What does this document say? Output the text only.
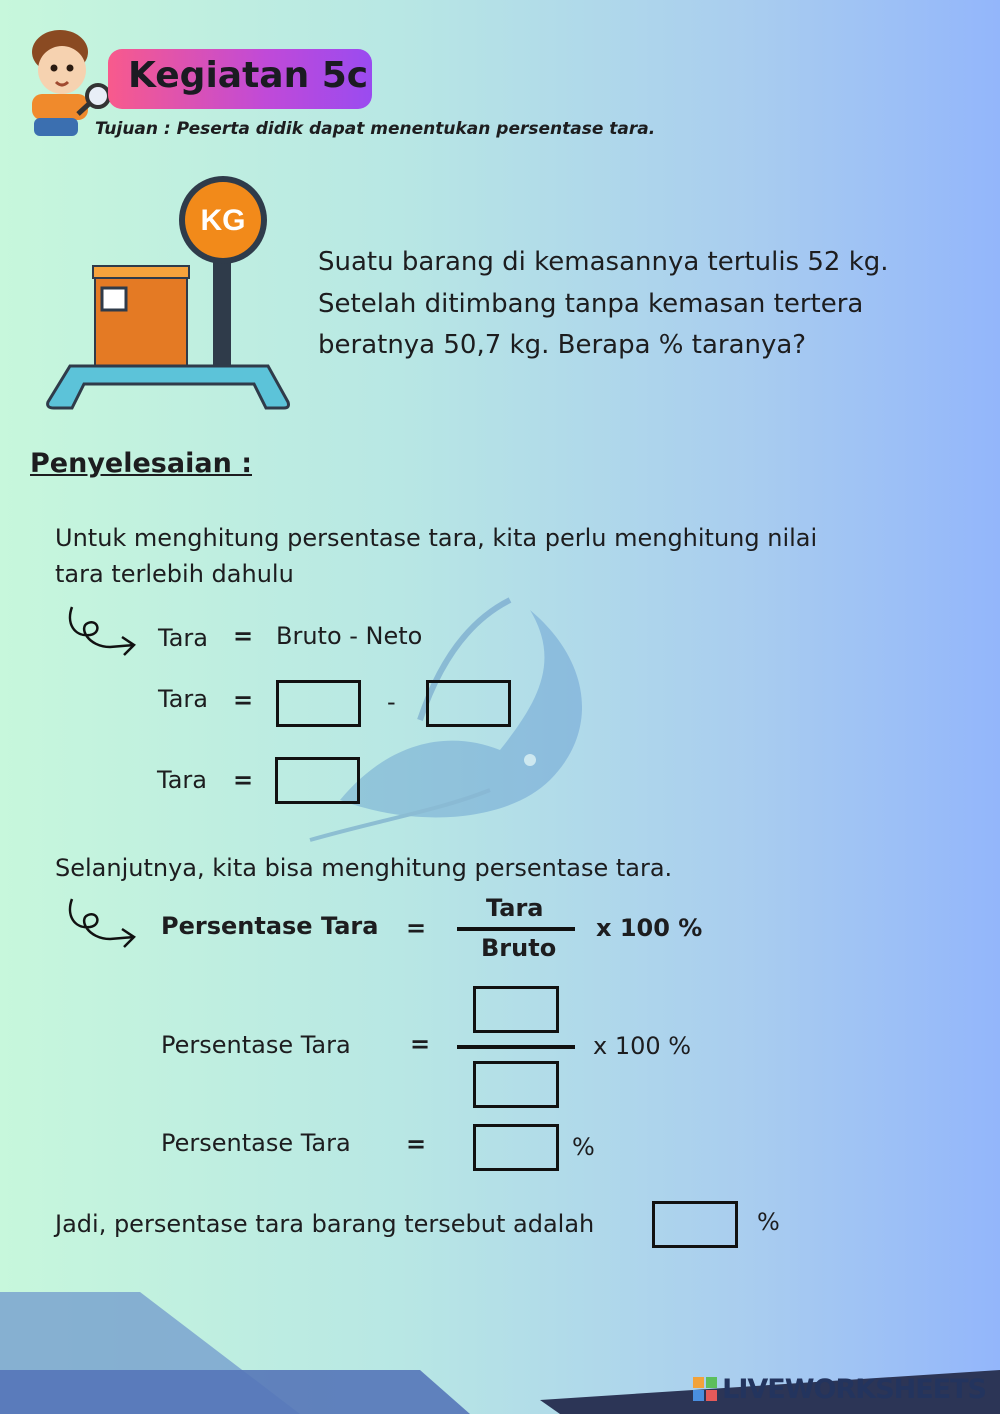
Kegiatan 5c
Tujuan : Peserta didik dapat menentukan persentase tara.
KG
Suatu barang di kemasannya tertulis 52 kg.
Setelah ditimbang tanpa kemasan tertera
beratnya 50,7 kg. Berapa % taranya?
Penyelesaian :
Untuk menghitung persentase tara, kita perlu menghitung nilai
tara terlebih dahulu
Tara = Bruto - Neto
Tara =	-
Tara =
Selanjutnya, kita bisa menghitung persentase tara.
Persentase Tara =
Tara
Bruto
x 100 %
Persentase Tara =	x 100 %
Persentase Tara =	%
Jadi, persentase tara barang tersebut adalah	%
LIVEWORKSHEETS
